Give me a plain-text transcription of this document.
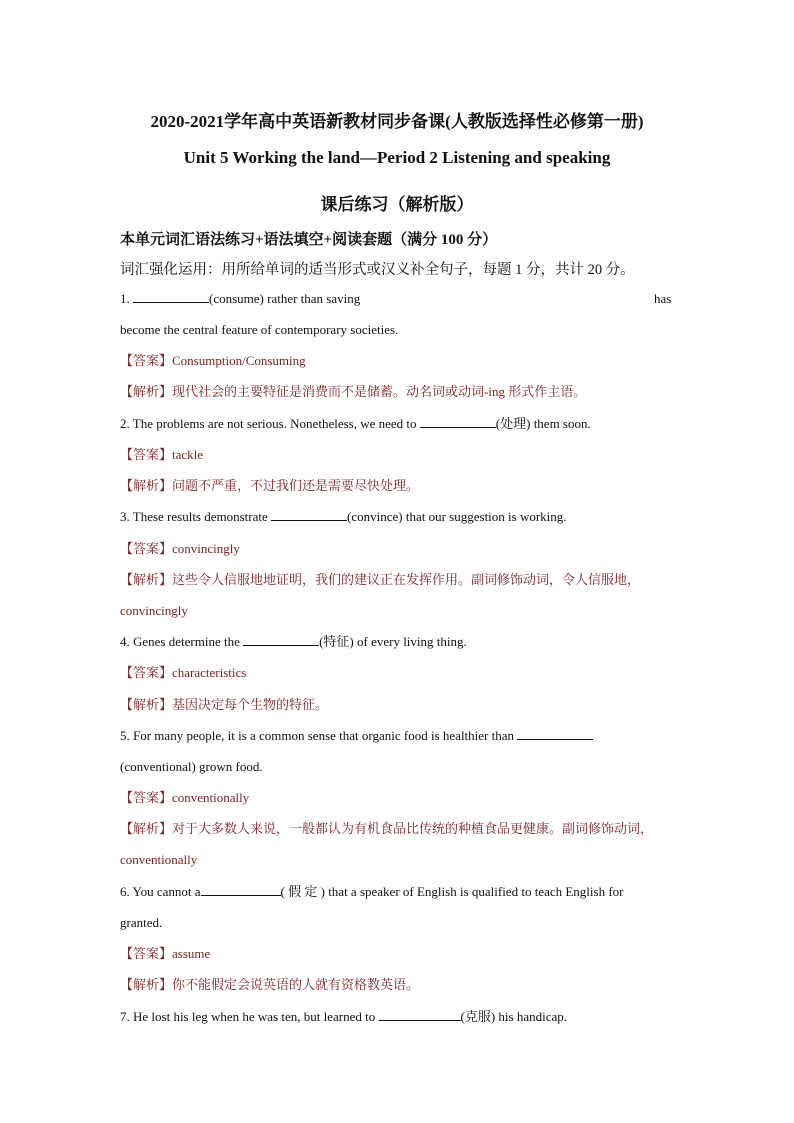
2020-2021学年高中英语新教材同步备课(人教版选择性必修第一册)
Unit 5 Working the land—Period 2 Listening and speaking
课后练习（解析版）
本单元词汇语法练习+语法填空+阅读套题（满分 100 分）
词汇强化运用：用所给单词的适当形式或汉义补全句子，每题 1 分，共计 20 分。
1.	(consume) rather than saving	has
become the central feature of contemporary societies.
【答案】Consumption/Consuming
【解析】现代社会的主要特征是消费而不是储蓄。动名词或动词-ing 形式作主语。
2. The problems are not serious. Nonetheless, we need to	(处理) them soon.
【答案】tackle
【解析】问题不严重，不过我们还是需要尽快处理。
3. These results demonstrate	(convince) that our suggestion is working.
【答案】convincingly
【解析】这些令人信服地地证明，我们的建议正在发挥作用。副词修饰动词，令人信服地，
convincingly
4. Genes determine the	(特征) of every living thing.
【答案】characteristics
【解析】基因决定每个生物的特征。
5. For many people, it is a common sense that organic food is healthier than
(conventional) grown food.
【答案】conventionally
【解析】对于大多数人来说，一般都认为有机食品比传统的种植食品更健康。副词修饰动词，
conventionally
6. You cannot a	( 假 定 ) that a speaker of English is qualified to teach English for
granted.
【答案】assume
【解析】你不能假定会说英语的人就有资格教英语。
7. He lost his leg when he was ten, but learned to	(克服) his handicap.
